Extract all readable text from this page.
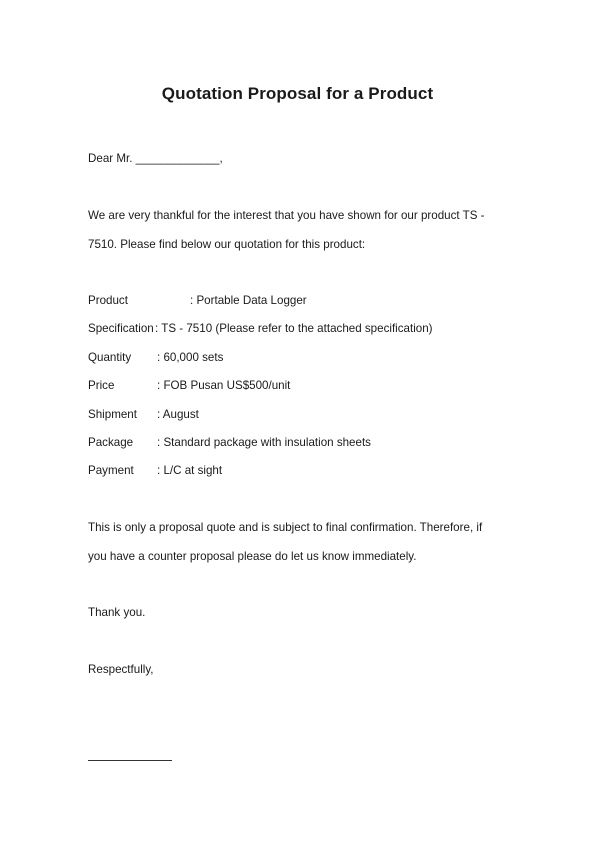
Quotation Proposal for a Product
Dear Mr. _____________,
We are very thankful for the interest that you have shown for our product TS -
7510. Please find below our quotation for this product:
Product	: Portable Data Logger
Specification : TS - 7510 (Please refer to the attached specification)
Quantity : 60,000 sets
Price	: FOB Pusan US$500/unit
Shipment : August
Package : Standard package with insulation sheets
Payment : L/C at sight
This is only a proposal quote and is subject to final confirmation. Therefore, if
you have a counter proposal please do let us know immediately.
Thank you.
Respectfully,
